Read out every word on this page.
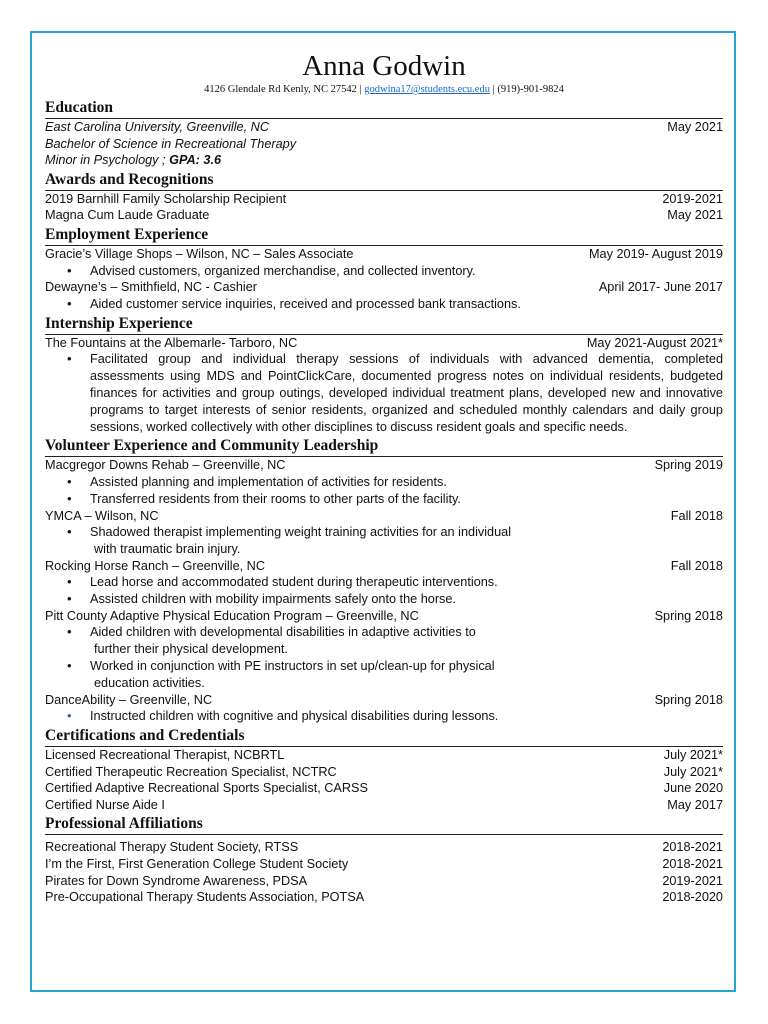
Anna Godwin
4126 Glendale Rd Kenly, NC 27542 | godwina17@students.ecu.edu | (919)-901-9824
Education
East Carolina University, Greenville, NC	May 2021
Bachelor of Science in Recreational Therapy
Minor in Psychology ; GPA: 3.6
Awards and Recognitions
2019 Barnhill Family Scholarship Recipient	2019-2021
Magna Cum Laude Graduate	May 2021
Employment Experience
Gracie’s Village Shops – Wilson, NC – Sales Associate	May 2019- August 2019
• Advised customers, organized merchandise, and collected inventory.
Dewayne’s – Smithfield, NC - Cashier	April 2017- June 2017
• Aided customer service inquiries, received and processed bank transactions.
Internship Experience
The Fountains at the Albemarle- Tarboro, NC	May 2021-August 2021*
• Facilitated group and individual therapy sessions of individuals with advanced dementia, completed assessments using MDS and PointClickCare, documented progress notes on individual residents, budgeted finances for activities and group outings, developed individual treatment plans, developed new and innovative programs to target interests of senior residents, organized and scheduled monthly calendars and daily group sessions, worked collectively with other disciplines to discuss resident goals and specific needs.
Volunteer Experience and Community Leadership
Macgregor Downs Rehab – Greenville, NC	Spring 2019
• Assisted planning and implementation of activities for residents.
• Transferred residents from their rooms to other parts of the facility.
YMCA – Wilson, NC	Fall 2018
• Shadowed therapist implementing weight training activities for an individual
with traumatic brain injury.
Rocking Horse Ranch – Greenville, NC	Fall 2018
• Lead horse and accommodated student during therapeutic interventions.
• Assisted children with mobility impairments safely onto the horse.
Pitt County Adaptive Physical Education Program – Greenville, NC	Spring 2018
• Aided children with developmental disabilities in adaptive activities to
further their physical development.
• Worked in conjunction with PE instructors in set up/clean-up for physical
education activities.
DanceAbility – Greenville, NC	Spring 2018
• Instructed children with cognitive and physical disabilities during lessons.
Certifications and Credentials
Licensed Recreational Therapist, NCBRTL	July 2021*
Certified Therapeutic Recreation Specialist, NCTRC	July 2021*
Certified Adaptive Recreational Sports Specialist, CARSS	June 2020
Certified Nurse Aide I	May 2017
Professional Affiliations
Recreational Therapy Student Society, RTSS	2018-2021
I’m the First, First Generation College Student Society	2018-2021
Pirates for Down Syndrome Awareness, PDSA	2019-2021
Pre-Occupational Therapy Students Association, POTSA	2018-2020
